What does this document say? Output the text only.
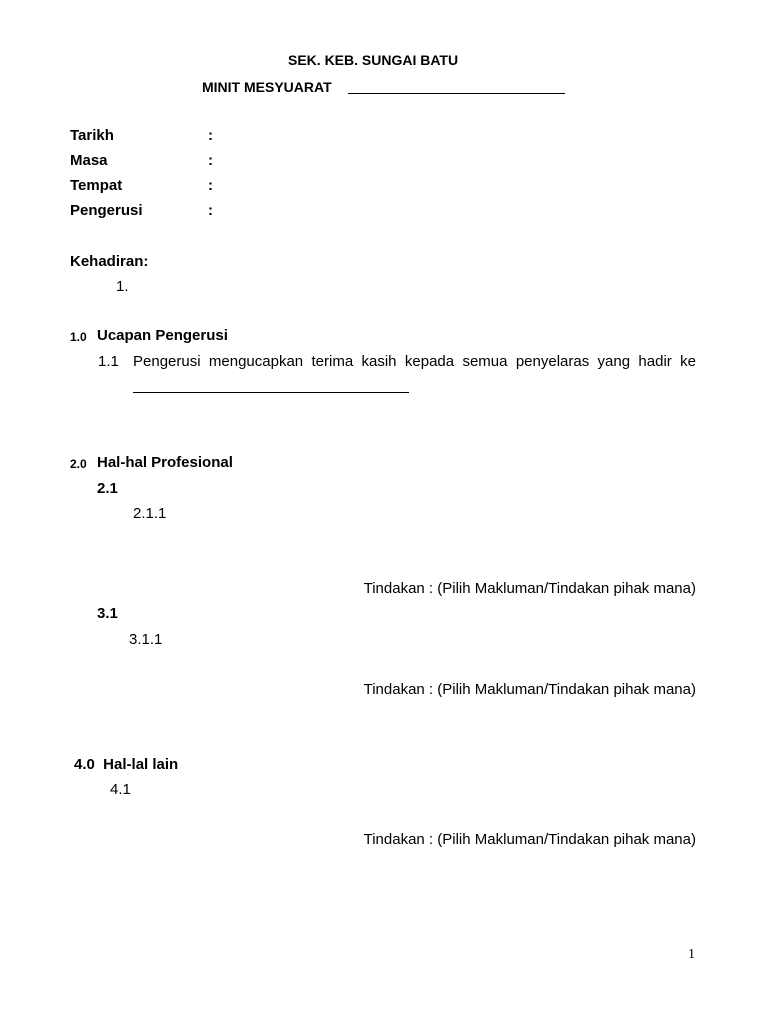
SEK. KEB. SUNGAI BATU
MINIT MESYUARAT
Tarikh	:
Masa	:
Tempat	:
Pengerusi	:
Kehadiran:
1.
1.0 Ucapan Pengerusi
1.1 Pengerusi mengucapkan terima kasih kepada semua penyelaras yang hadir ke
2.0 Hal-hal Profesional
2.1
2.1.1
Tindakan : (Pilih Makluman/Tindakan pihak mana)
3.1
3.1.1
Tindakan : (Pilih Makluman/Tindakan pihak mana)
4.0  Hal-lal lain
4.1
Tindakan : (Pilih Makluman/Tindakan pihak mana)
1
